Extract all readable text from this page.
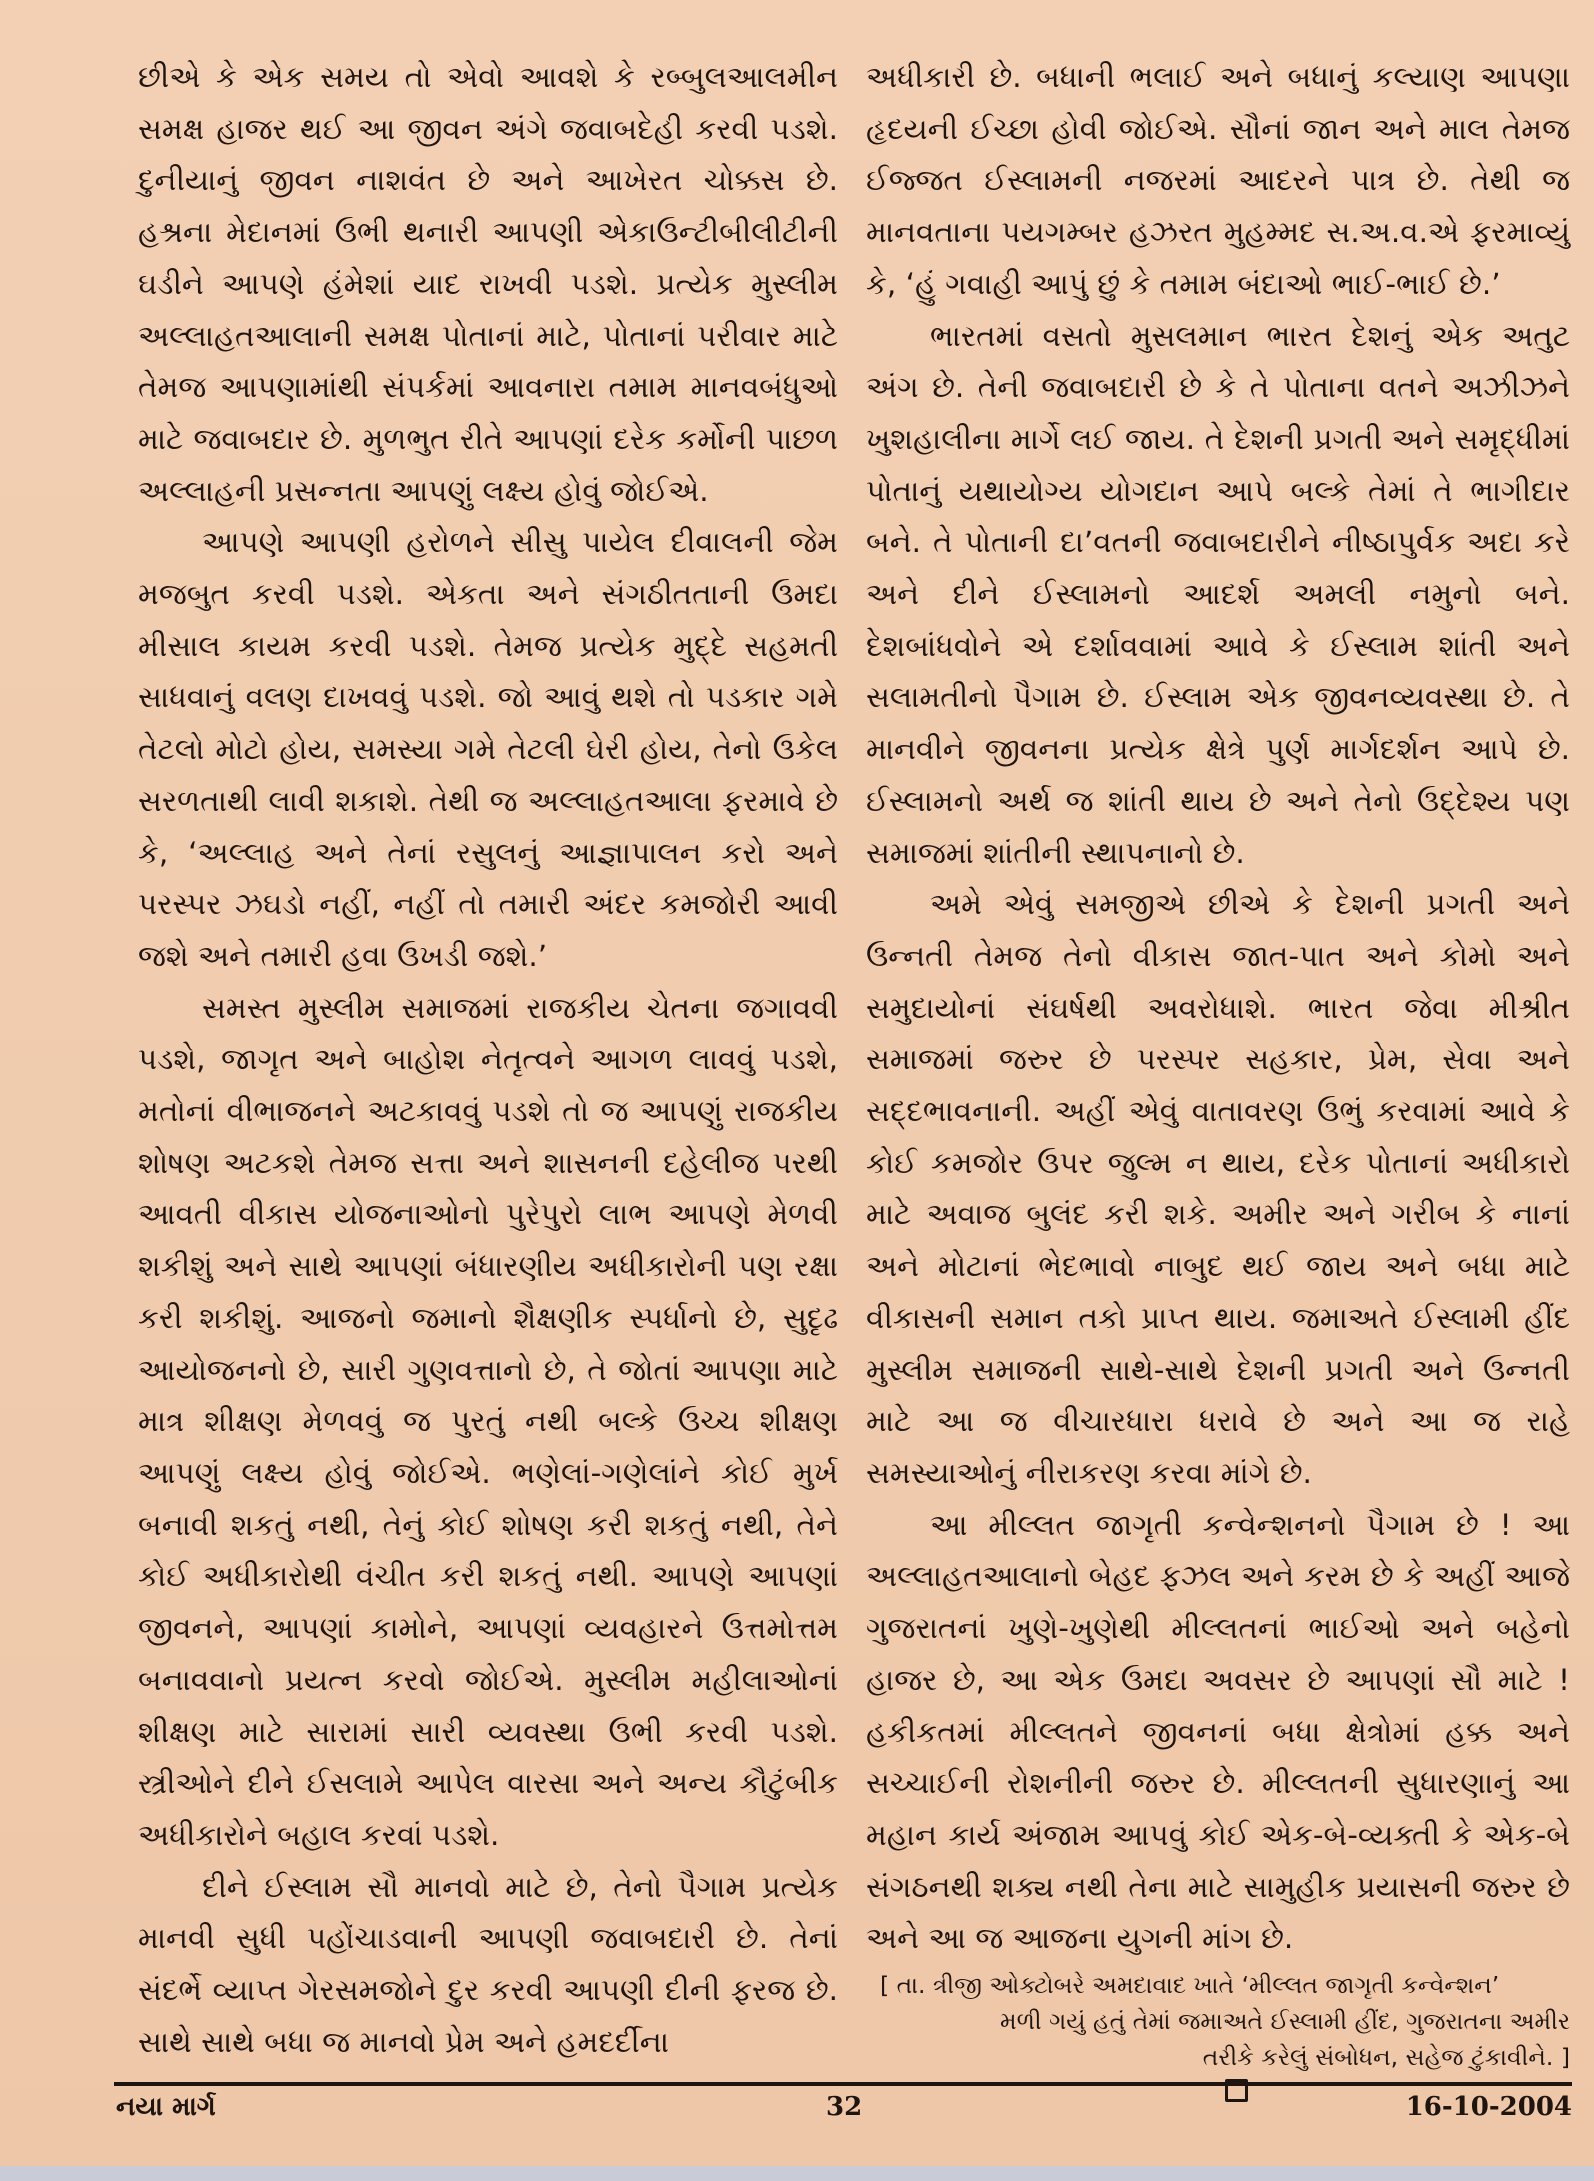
છીએ કે એક સમય તો એવો આવશે કે રબ્બુલઆલમીન સમક્ષ હાજર થઈ આ જીવન અંગે જવાબદેહી કરવી પડશે. દુનીયાનું જીવન નાશવંત છે અને આખેરત ચોક્કસ છે. હશ્રના મેદાનમાં ઉભી થનારી આપણી એકાઉન્ટીબીલીટીની ઘડીને આપણે હંમેશાં યાદ રાખવી પડશે. પ્રત્યેક મુસ્લીમ અલ્લાહતઆલાની સમક્ષ પોતાનાં માટે, પોતાનાં પરીવાર માટે તેમજ આપણામાંથી સંપર્કમાં આવનારા તમામ માનવબંધુઓ માટે જવાબદાર છે. મુળભુત રીતે આપણાં દરેક કર્મોની પાછળ અલ્લાહની પ્રસન્નતા આપણું લક્ષ્ય હોવું જોઈએ.

આપણે આપણી હરોળને સીસુ પાયેલ દીવાલની જેમ મજબુત કરવી પડશે. એકતા અને સંગઠીતતાની ઉમદા મીસાલ કાયમ કરવી પડશે. તેમજ પ્રત્યેક મુદ્દે સહમતી સાધવાનું વલણ દાખવવું પડશે. જો આવું થશે તો પડકાર ગમે તેટલો મોટો હોય, સમસ્યા ગમે તેટલી ઘેરી હોય, તેનો ઉકેલ સરળતાથી લાવી શકાશે. તેથી જ અલ્લાહતઆલા ફરમાવે છે કે, ‘અલ્લાહ અને તેનાં રસુલનું આજ્ઞાપાલન કરો અને પરસ્પર ઝઘડો નહીં, નહીં તો તમારી અંદર કમજોરી આવી જશે અને તમારી હવા ઉખડી જશે.’

સમસ્ત મુસ્લીમ સમાજમાં રાજકીય ચેતના જગાવવી પડશે, જાગૃત અને બાહોશ નેતૃત્વને આગળ લાવવું પડશે, મતોનાં વીભાજનને અટકાવવું પડશે તો જ આપણું રાજકીય શોષણ અટકશે તેમજ સત્તા અને શાસનની દહેલીજ પરથી આવતી વીકાસ યોજનાઓનો પુરેપુરો લાભ આપણે મેળવી શકીશું અને સાથે આપણાં બંધારણીય અધીકારોની પણ રક્ષા કરી શકીશું. આજનો જમાનો શૈક્ષણીક સ્પર્ધાનો છે, સુદૃઢ આયોજનનો છે, સારી ગુણવત્તાનો છે, તે જોતાં આપણા માટે માત્ર શીક્ષણ મેળવવું જ પુરતું નથી બલ્કે ઉચ્ચ શીક્ષણ આપણું લક્ષ્ય હોવું જોઈએ. ભણેલાં-ગણેલાંને કોઈ મુર્ખ બનાવી શકતું નથી, તેનું કોઈ શોષણ કરી શકતું નથી, તેને કોઈ અધીકારોથી વંચીત કરી શકતું નથી. આપણે આપણાં જીવનને, આપણાં કામોને, આપણાં વ્યવહારને ઉત્તમોત્તમ બનાવવાનો પ્રયત્ન કરવો જોઈએ. મુસ્લીમ મહીલાઓનાં શીક્ષણ માટે સારામાં સારી વ્યવસ્થા ઉભી કરવી પડશે. સ્ત્રીઓને દીને ઈસલામે આપેલ વારસા અને અન્ય કૌટુંબીક અધીકારોને બહાલ કરવાં પડશે.

દીને ઈસ્લામ સૌ માનવો માટે છે, તેનો પૈગામ પ્રત્યેક માનવી સુધી પહોંચાડવાની આપણી જવાબદારી છે. તેનાં સંદર્ભે વ્યાપ્ત ગેરસમજોને દુર કરવી આપણી દીની ફરજ છે. સાથે સાથે બધા જ માનવો પ્રેમ અને હમદર્દીના

અધીકારી છે. બધાની ભલાઈ અને બધાનું કલ્યાણ આપણા હૃદયની ઈચ્છા હોવી જોઈએ. સૌનાં જાન અને માલ તેમજ ઈજ્જત ઈસ્લામની નજરમાં આદરને પાત્ર છે. તેથી જ માનવતાના પયગમ્બર હઝરત મુહમ્મદ સ.અ.વ.એ ફરમાવ્યું કે, ‘હું ગવાહી આપું છું કે તમામ બંદાઓ ભાઈ-ભાઈ છે.’

ભારતમાં વસતો મુસલમાન ભારત દેશનું એક અતુટ અંગ છે. તેની જવાબદારી છે કે તે પોતાના વતને અઝીઝને ખુશહાલીના માર્ગે લઈ જાય. તે દેશની પ્રગતી અને સમૃદ્ધીમાં પોતાનું યથાયોગ્ય યોગદાન આપે બલ્કે તેમાં તે ભાગીદાર બને. તે પોતાની દા’વતની જવાબદારીને નીષ્ઠાપુર્વક અદા કરે અને દીને ઈસ્લામનો આદર્શ અમલી નમુનો બને. દેશબાંધવોને એ દર્શાવવામાં આવે કે ઈસ્લામ શાંતી અને સલામતીનો પૈગામ છે. ઈસ્લામ એક જીવનવ્યવસ્થા છે. તે માનવીને જીવનના પ્રત્યેક ક્ષેત્રે પુર્ણ માર્ગદર્શન આપે છે. ઈસ્લામનો અર્થ જ શાંતી થાય છે અને તેનો ઉદ્દેશ્ય પણ સમાજમાં શાંતીની સ્થાપનાનો છે.

અમે એવું સમજીએ છીએ કે દેશની પ્રગતી અને ઉન્નતી તેમજ તેનો વીકાસ જાત-પાત અને કોમો અને સમુદાયોનાં સંઘર્ષથી અવરોધાશે. ભારત જેવા મીશ્રીત સમાજમાં જરુર છે પરસ્પર સહકાર, પ્રેમ, સેવા અને સદ્દભાવનાની. અહીં એવું વાતાવરણ ઉભું કરવામાં આવે કે કોઈ કમજોર ઉપર જુલ્મ ન થાય, દરેક પોતાનાં અધીકારો માટે અવાજ બુલંદ કરી શકે. અમીર અને ગરીબ કે નાનાં અને મોટાનાં ભેદભાવો નાબુદ થઈ જાય અને બધા માટે વીકાસની સમાન તકો પ્રાપ્ત થાય. જમાઅતે ઈસ્લામી હીંદ મુસ્લીમ સમાજની સાથે-સાથે દેશની પ્રગતી અને ઉન્નતી માટે આ જ વીચારધારા ધરાવે છે અને આ જ રાહે સમસ્યાઓનું નીરાકરણ કરવા માંગે છે.

આ મીલ્લત જાગૃતી કન્વેન્શનનો પૈગામ છે ! આ અલ્લાહતઆલાનો બેહદ ફઝલ અને કરમ છે કે અહીં આજે ગુજરાતનાં ખુણે-ખુણેથી મીલ્લતનાં ભાઈઓ અને બહેનો હાજર છે, આ એક ઉમદા અવસર છે આપણાં સૌ માટે ! હકીકતમાં મીલ્લતને જીવનનાં બધા ક્ષેત્રોમાં હક્ક અને સચ્ચાઈની રોશનીની જરુર છે. મીલ્લતની સુધારણાનું આ મહાન કાર્ય અંજામ આપવું કોઈ એક-બે-વ્યક્તી કે એક-બે સંગઠનથી શક્ય નથી તેના માટે સામુહીક પ્રયાસની જરુર છે અને આ જ આજના યુગની માંગ છે.

[ તા. ત્રીજી ઓક્ટોબરે અમદાવાદ ખાતે ‘મીલ્લત જાગૃતી કન્વેન્શન’
મળી ગયું હતું તેમાં જમાઅતે ઈસ્લામી હીંદ, ગુજરાતના અમીર
તરીકે કરેલું સંબોધન, સહેજ ટુંકાવીને. ]
નયા માર્ગ	32	16-10-2004
